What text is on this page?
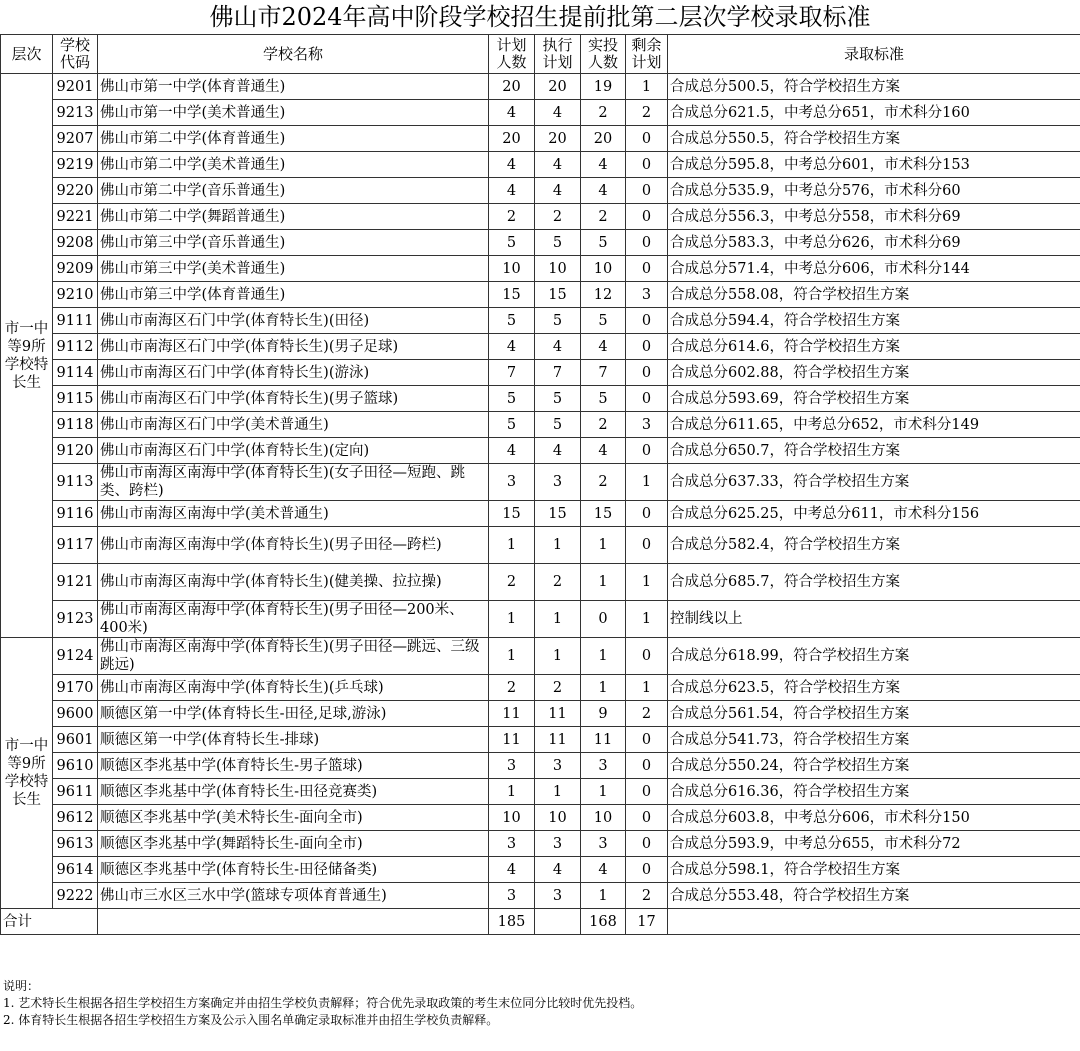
佛山市2024年高中阶段学校招生提前批第二层次学校录取标准
层次	学校代码	学校名称	计划人数	执行计划	实投人数	剩余计划	录取标准
市一中等9所学校特长生	9201	佛山市第一中学(体育普通生)	20	20	19	1	合成总分500.5，符合学校招生方案
	9213	佛山市第一中学(美术普通生)	4	4	2	2	合成总分621.5，中考总分651，市术科分160
	9207	佛山市第二中学(体育普通生)	20	20	20	0	合成总分550.5，符合学校招生方案
	9219	佛山市第二中学(美术普通生)	4	4	4	0	合成总分595.8，中考总分601，市术科分153
	9220	佛山市第二中学(音乐普通生)	4	4	4	0	合成总分535.9，中考总分576，市术科分60
	9221	佛山市第二中学(舞蹈普通生)	2	2	2	0	合成总分556.3，中考总分558，市术科分69
	9208	佛山市第三中学(音乐普通生)	5	5	5	0	合成总分583.3，中考总分626，市术科分69
	9209	佛山市第三中学(美术普通生)	10	10	10	0	合成总分571.4，中考总分606，市术科分144
	9210	佛山市第三中学(体育普通生)	15	15	12	3	合成总分558.08，符合学校招生方案
	9111	佛山市南海区石门中学(体育特长生)(田径)	5	5	5	0	合成总分594.4，符合学校招生方案
	9112	佛山市南海区石门中学(体育特长生)(男子足球)	4	4	4	0	合成总分614.6，符合学校招生方案
	9114	佛山市南海区石门中学(体育特长生)(游泳)	7	7	7	0	合成总分602.88，符合学校招生方案
	9115	佛山市南海区石门中学(体育特长生)(男子篮球)	5	5	5	0	合成总分593.69，符合学校招生方案
	9118	佛山市南海区石门中学(美术普通生)	5	5	2	3	合成总分611.65，中考总分652，市术科分149
	9120	佛山市南海区石门中学(体育特长生)(定向)	4	4	4	0	合成总分650.7，符合学校招生方案
	9113	佛山市南海区南海中学(体育特长生)(女子田径—短跑、跳类、跨栏)	3	3	2	1	合成总分637.33，符合学校招生方案
	9116	佛山市南海区南海中学(美术普通生)	15	15	15	0	合成总分625.25，中考总分611，市术科分156
	9117	佛山市南海区南海中学(体育特长生)(男子田径—跨栏)	1	1	1	0	合成总分582.4，符合学校招生方案
	9121	佛山市南海区南海中学(体育特长生)(健美操、拉拉操)	2	2	1	1	合成总分685.7，符合学校招生方案
	9123	佛山市南海区南海中学(体育特长生)(男子田径—200米、400米)	1	1	0	1	控制线以上
市一中等9所学校特长生	9124	佛山市南海区南海中学(体育特长生)(男子田径—跳远、三级跳远)	1	1	1	0	合成总分618.99，符合学校招生方案
	9170	佛山市南海区南海中学(体育特长生)(乒乓球)	2	2	1	1	合成总分623.5，符合学校招生方案
	9600	顺德区第一中学(体育特长生-田径,足球,游泳)	11	11	9	2	合成总分561.54，符合学校招生方案
	9601	顺德区第一中学(体育特长生-排球)	11	11	11	0	合成总分541.73，符合学校招生方案
	9610	顺德区李兆基中学(体育特长生-男子篮球)	3	3	3	0	合成总分550.24，符合学校招生方案
	9611	顺德区李兆基中学(体育特长生-田径竞赛类)	1	1	1	0	合成总分616.36，符合学校招生方案
	9612	顺德区李兆基中学(美术特长生-面向全市)	10	10	10	0	合成总分603.8，中考总分606，市术科分150
	9613	顺德区李兆基中学(舞蹈特长生-面向全市)	3	3	3	0	合成总分593.9，中考总分655，市术科分72
	9614	顺德区李兆基中学(体育特长生-田径储备类)	4	4	4	0	合成总分598.1，符合学校招生方案
	9222	佛山市三水区三水中学(篮球专项体育普通生)	3	3	1	2	合成总分553.48，符合学校招生方案
合计			185		168	17	
说明：
1. 艺术特长生根据各招生学校招生方案确定并由招生学校负责解释；符合优先录取政策的考生末位同分比较时优先投档。
2. 体育特长生根据各招生学校招生方案及公示入围名单确定录取标准并由招生学校负责解释。
